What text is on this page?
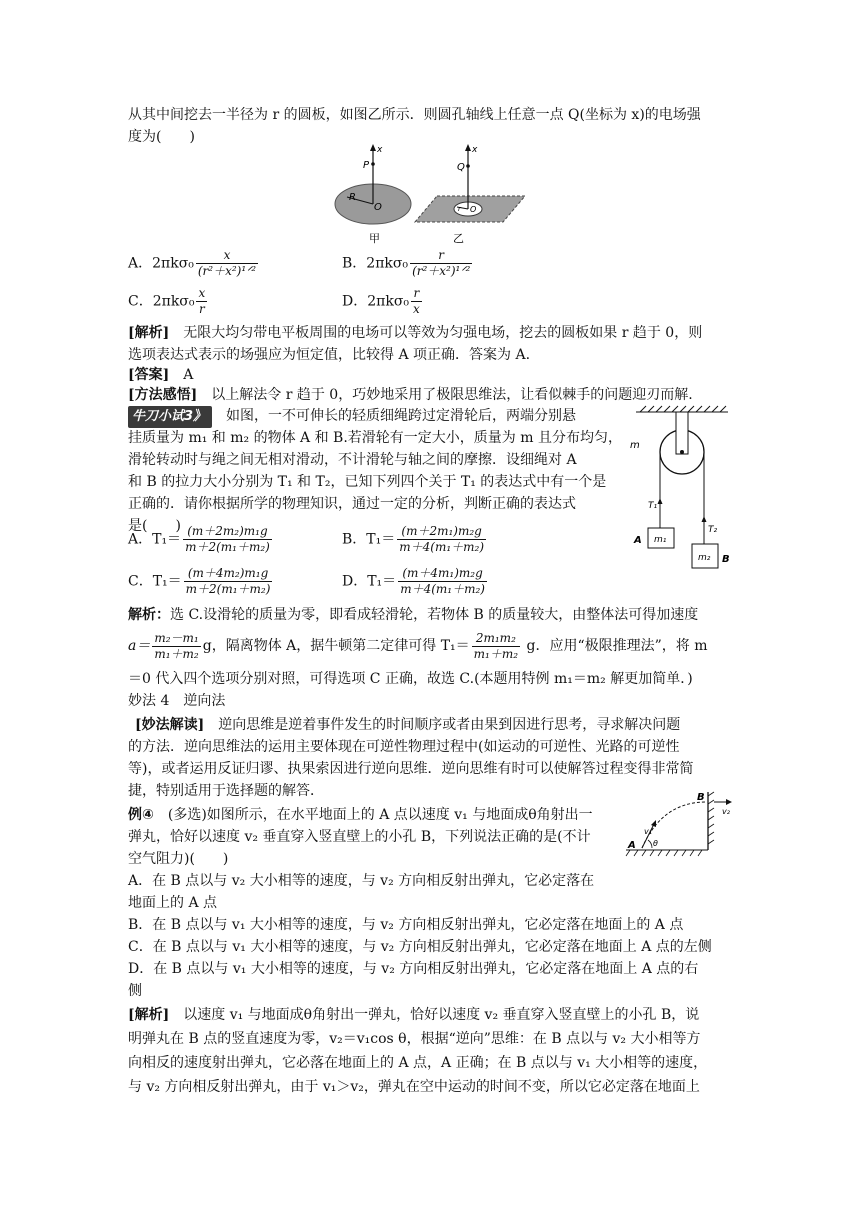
从其中间挖去一半径为 r 的圆板，如图乙所示．则圆孔轴线上任意一点 Q(坐标为 x)的电场强
度为(　　)
x
P
R
O
x
Q
r O
甲	乙
A．$2\pi k\sigma_0 \frac{x}{\text{(r²＋x²)¹ᐟ²}}$	B．$2\pi k\sigma_0 \frac{r}{\text{(r²＋x²)¹ᐟ²}}$
C．$2\pi k\sigma_0 \frac{x}{r}$	D．$2\pi k\sigma_0 \frac{r}{x}$
[解析]　无限大均匀带电平板周围的电场可以等效为匀强电场，挖去的圆板如果 r 趋于 0，则
选项表达式表示的场强应为恒定值，比较得 A 项正确．答案为 A.
[答案]　A
[方法感悟]　以上解法令 r 趋于 0，巧妙地采用了极限思维法，让看似棘手的问题迎刃而解.
牛刀小试3》　如图，一不可伸长的轻质细绳跨过定滑轮后，两端分别悬
挂质量为 m₁ 和 m₂ 的物体 A 和 B.若滑轮有一定大小，质量为 m 且分布均匀，
滑轮转动时与绳之间无相对滑动，不计滑轮与轴之间的摩擦．设细绳对 A
和 B 的拉力大小分别为 T₁ 和 T₂，已知下列四个关于 T₁ 的表达式中有一个是
正确的．请你根据所学的物理知识，通过一定的分析，判断正确的表达式
是(　　)
m
T₁
T₂
A m₁
m₂ B
A．$T_1= \frac{\text{(m＋2m₂)m₁g}}{\text{m＋2(m₁＋m₂)}}$	B．$T_1= \frac{\text{(m＋2m₁)m₂g}}{\text{m＋4(m₁＋m₂)}}$
C．$T_1= \frac{\text{(m＋4m₂)m₁g}}{\text{m＋2(m₁＋m₂)}}$	D．$T_1= \frac{\text{(m＋4m₁)m₂g}}{\text{m＋4(m₁＋m₂)}}$
解析：选 C.设滑轮的质量为零，即看成轻滑轮，若物体 B 的质量较大，由整体法可得加速度
$a= \frac{\text{m₂－m₁}}{\text{m₁＋m₂}}$ g，隔离物体 A，据牛顿第二定律可得 $T_1= \frac{\text{2m₁m₂}}{\text{m₁＋m₂}}$ g．应用“极限推理法”，将 m
＝0 代入四个选项分别对照，可得选项 C 正确，故选 C.(本题用特例 m₁＝m₂ 解更加简单．)
妙法 4　逆向法
[妙法解读]　逆向思维是逆着事件发生的时间顺序或者由果到因进行思考，寻求解决问题
的方法．逆向思维法的运用主要体现在可逆性物理过程中(如运动的可逆性、光路的可逆性
等)，或者运用反证归谬、执果索因进行逆向思维．逆向思维有时可以使解答过程变得非常简
捷，特别适用于选择题的解答．
例④　(多选)如图所示，在水平地面上的 A 点以速度 v₁ 与地面成θ角射出一
弹丸，恰好以速度 v₂ 垂直穿入竖直壁上的小孔 B，下列说法正确的是(不计
空气阻力)(　　)
A．在 B 点以与 v₂ 大小相等的速度，与 v₂ 方向相反射出弹丸，它必定落在
地面上的 A 点
B．在 B 点以与 v₁ 大小相等的速度，与 v₂ 方向相反射出弹丸，它必定落在地面上的 A 点
C．在 B 点以与 v₁ 大小相等的速度，与 v₂ 方向相反射出弹丸，它必定落在地面上 A 点的左侧
D．在 B 点以与 v₁ 大小相等的速度，与 v₂ 方向相反射出弹丸，它必定落在地面上 A 点的右
侧
B
v₂
v₁
A θ
[解析]　以速度 v₁ 与地面成θ角射出一弹丸，恰好以速度 v₂ 垂直穿入竖直壁上的小孔 B，说
明弹丸在 B 点的竖直速度为零，v₂＝v₁cos θ，根据“逆向”思维：在 B 点以与 v₂ 大小相等方
向相反的速度射出弹丸，它必落在地面上的 A 点，A 正确；在 B 点以与 v₁ 大小相等的速度，
与 v₂ 方向相反射出弹丸，由于 v₁＞v₂，弹丸在空中运动的时间不变，所以它必定落在地面上
